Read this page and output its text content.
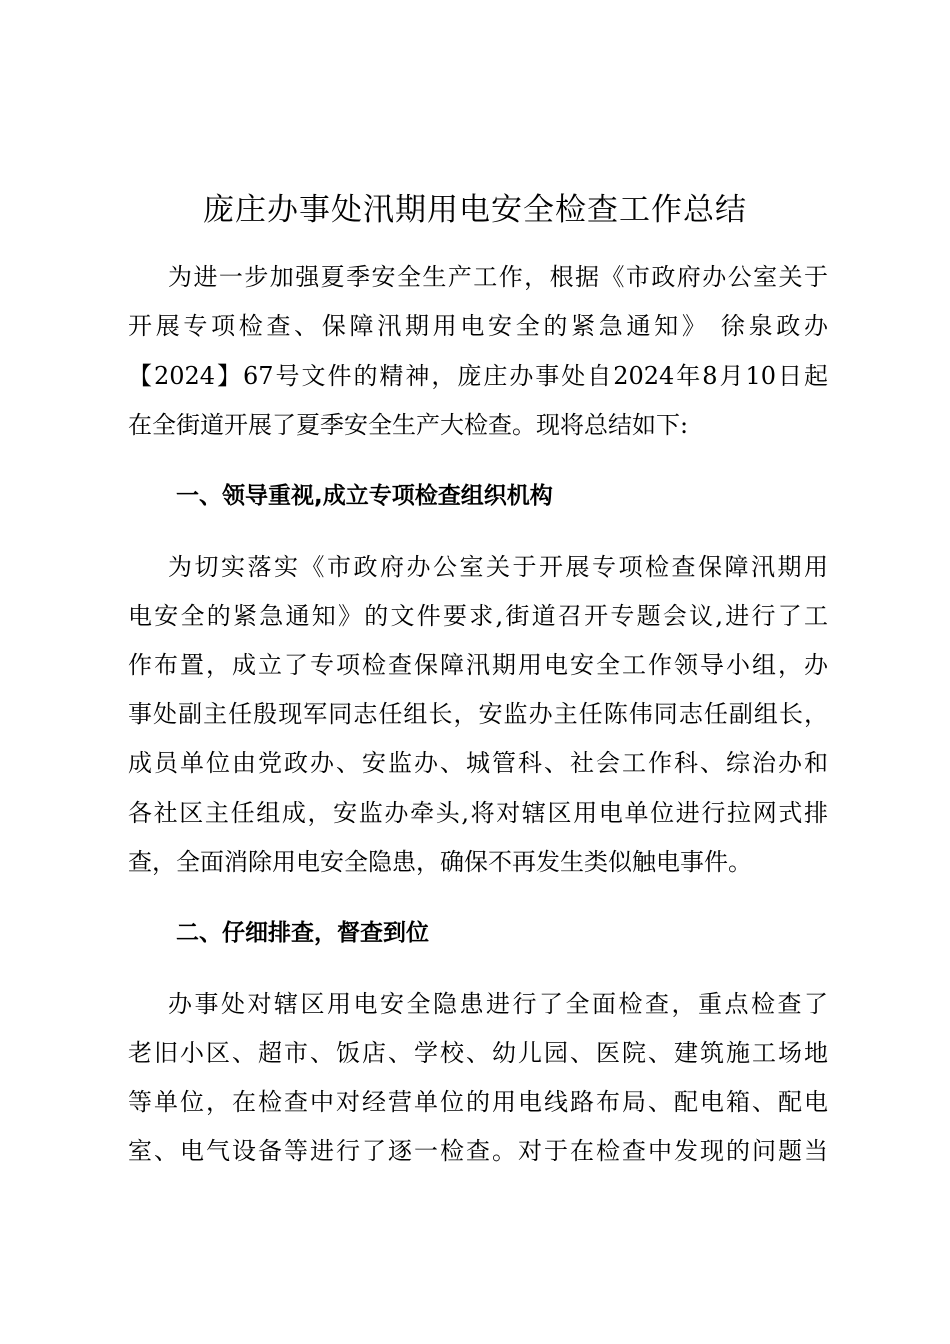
庞庄办事处汛期用电安全检查工作总结
为进一步加强夏季安全生产工作，根据《市政府办公室关于
开展专项检查、保障汛期用电安全的紧急通知》 徐泉政办
【2024】67号文件的精神，庞庄办事处自2024年8月10日起
在全街道开展了夏季安全生产大检查。现将总结如下:
一、领导重视,成立专项检查组织机构
为切实落实《市政府办公室关于开展专项检查保障汛期用
电安全的紧急通知》的文件要求,街道召开专题会议,进行了工
作布置，成立了专项检查保障汛期用电安全工作领导小组，办
事处副主任殷现军同志任组长，安监办主任陈伟同志任副组长，
成员单位由党政办、安监办、城管科、社会工作科、综治办和
各社区主任组成，安监办牵头,将对辖区用电单位进行拉网式排
查，全面消除用电安全隐患，确保不再发生类似触电事件。
二、仔细排查，督查到位
办事处对辖区用电安全隐患进行了全面检查，重点检查了
老旧小区、超市、饭店、学校、幼儿园、医院、建筑施工场地
等单位，在检查中对经营单位的用电线路布局、配电箱、配电
室、电气设备等进行了逐一检查。对于在检查中发现的问题当
